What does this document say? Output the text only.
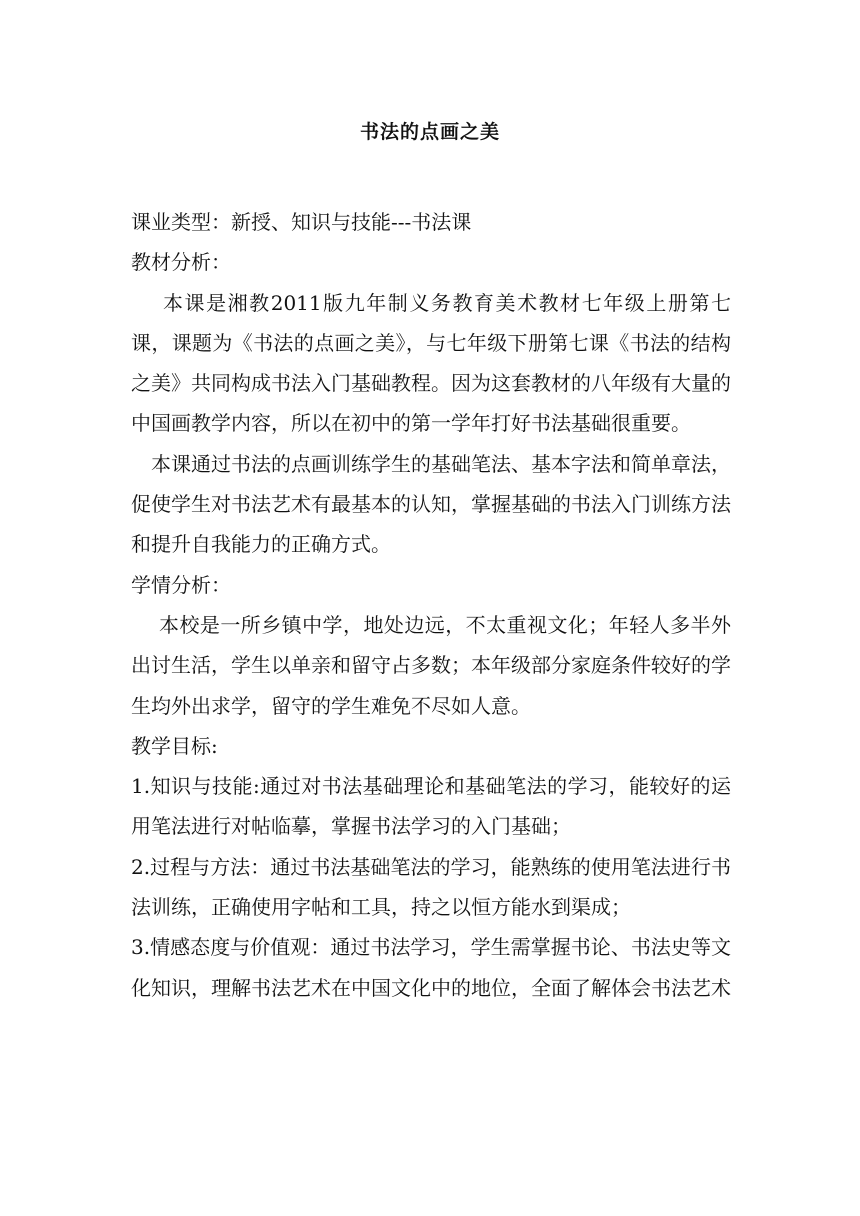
书法的点画之美

课业类型：新授、知识与技能---书法课

教材分析：

本课是湘教2011版九年制义务教育美术教材七年级上册第七课，课题为《书法的点画之美》，与七年级下册第七课《书法的结构之美》共同构成书法入门基础教程。因为这套教材的八年级有大量的中国画教学内容，所以在初中的第一学年打好书法基础很重要。

本课通过书法的点画训练学生的基础笔法、基本字法和简单章法，促使学生对书法艺术有最基本的认知，掌握基础的书法入门训练方法和提升自我能力的正确方式。

学情分析：

本校是一所乡镇中学，地处边远，不太重视文化；年轻人多半外出讨生活，学生以单亲和留守占多数；本年级部分家庭条件较好的学生均外出求学，留守的学生难免不尽如人意。

教学目标:

1.知识与技能:通过对书法基础理论和基础笔法的学习，能较好的运用笔法进行对帖临摹，掌握书法学习的入门基础；

2.过程与方法：通过书法基础笔法的学习，能熟练的使用笔法进行书法训练，正确使用字帖和工具，持之以恒方能水到渠成；

3.情感态度与价值观：通过书法学习，学生需掌握书论、书法史等文化知识，理解书法艺术在中国文化中的地位，全面了解体会书法艺术
